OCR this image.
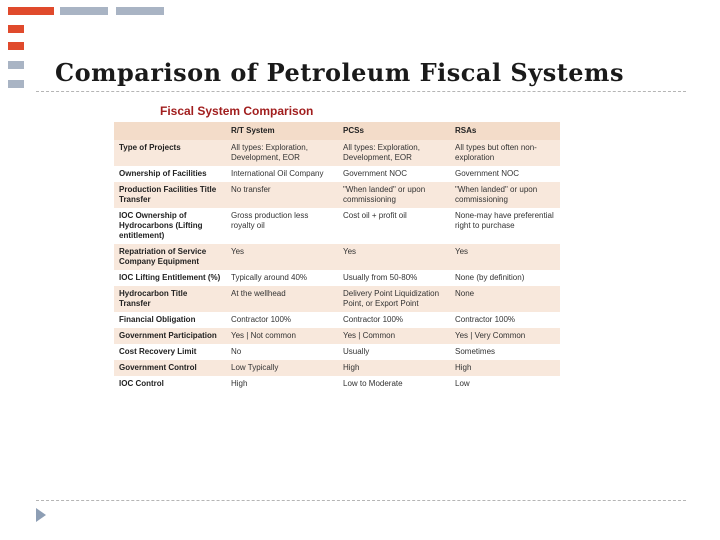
Comparison of Petroleum Fiscal Systems
Fiscal System Comparison
	R/T System	PCSs	RSAs
Type of Projects	All types: Exploration, Development, EOR	All types: Exploration, Development, EOR	All types but often non-exploration
Ownership of Facilities	International Oil Company	Government NOC	Government NOC
Production Facilities Title Transfer	No transfer	"When landed" or upon commissioning	"When landed" or upon commissioning
IOC Ownership of Hydrocarbons (Lifting entitlement)	Gross production less royalty oil	Cost oil + profit oil	None-may have preferential right to purchase
Repatriation of Service Company Equipment	Yes	Yes	Yes
IOC Lifting Entitlement (%)	Typically around 40%	Usually from 50-80%	None (by definition)
Hydrocarbon Title Transfer	At the wellhead	Delivery Point Liquidization Point, or Export Point	None
Financial Obligation	Contractor 100%	Contractor 100%	Contractor 100%
Government Participation	Yes | Not common	Yes | Common	Yes | Very Common
Cost Recovery Limit	No	Usually	Sometimes
Government Control	Low Typically	High	High
IOC Control	High	Low to Moderate	Low
